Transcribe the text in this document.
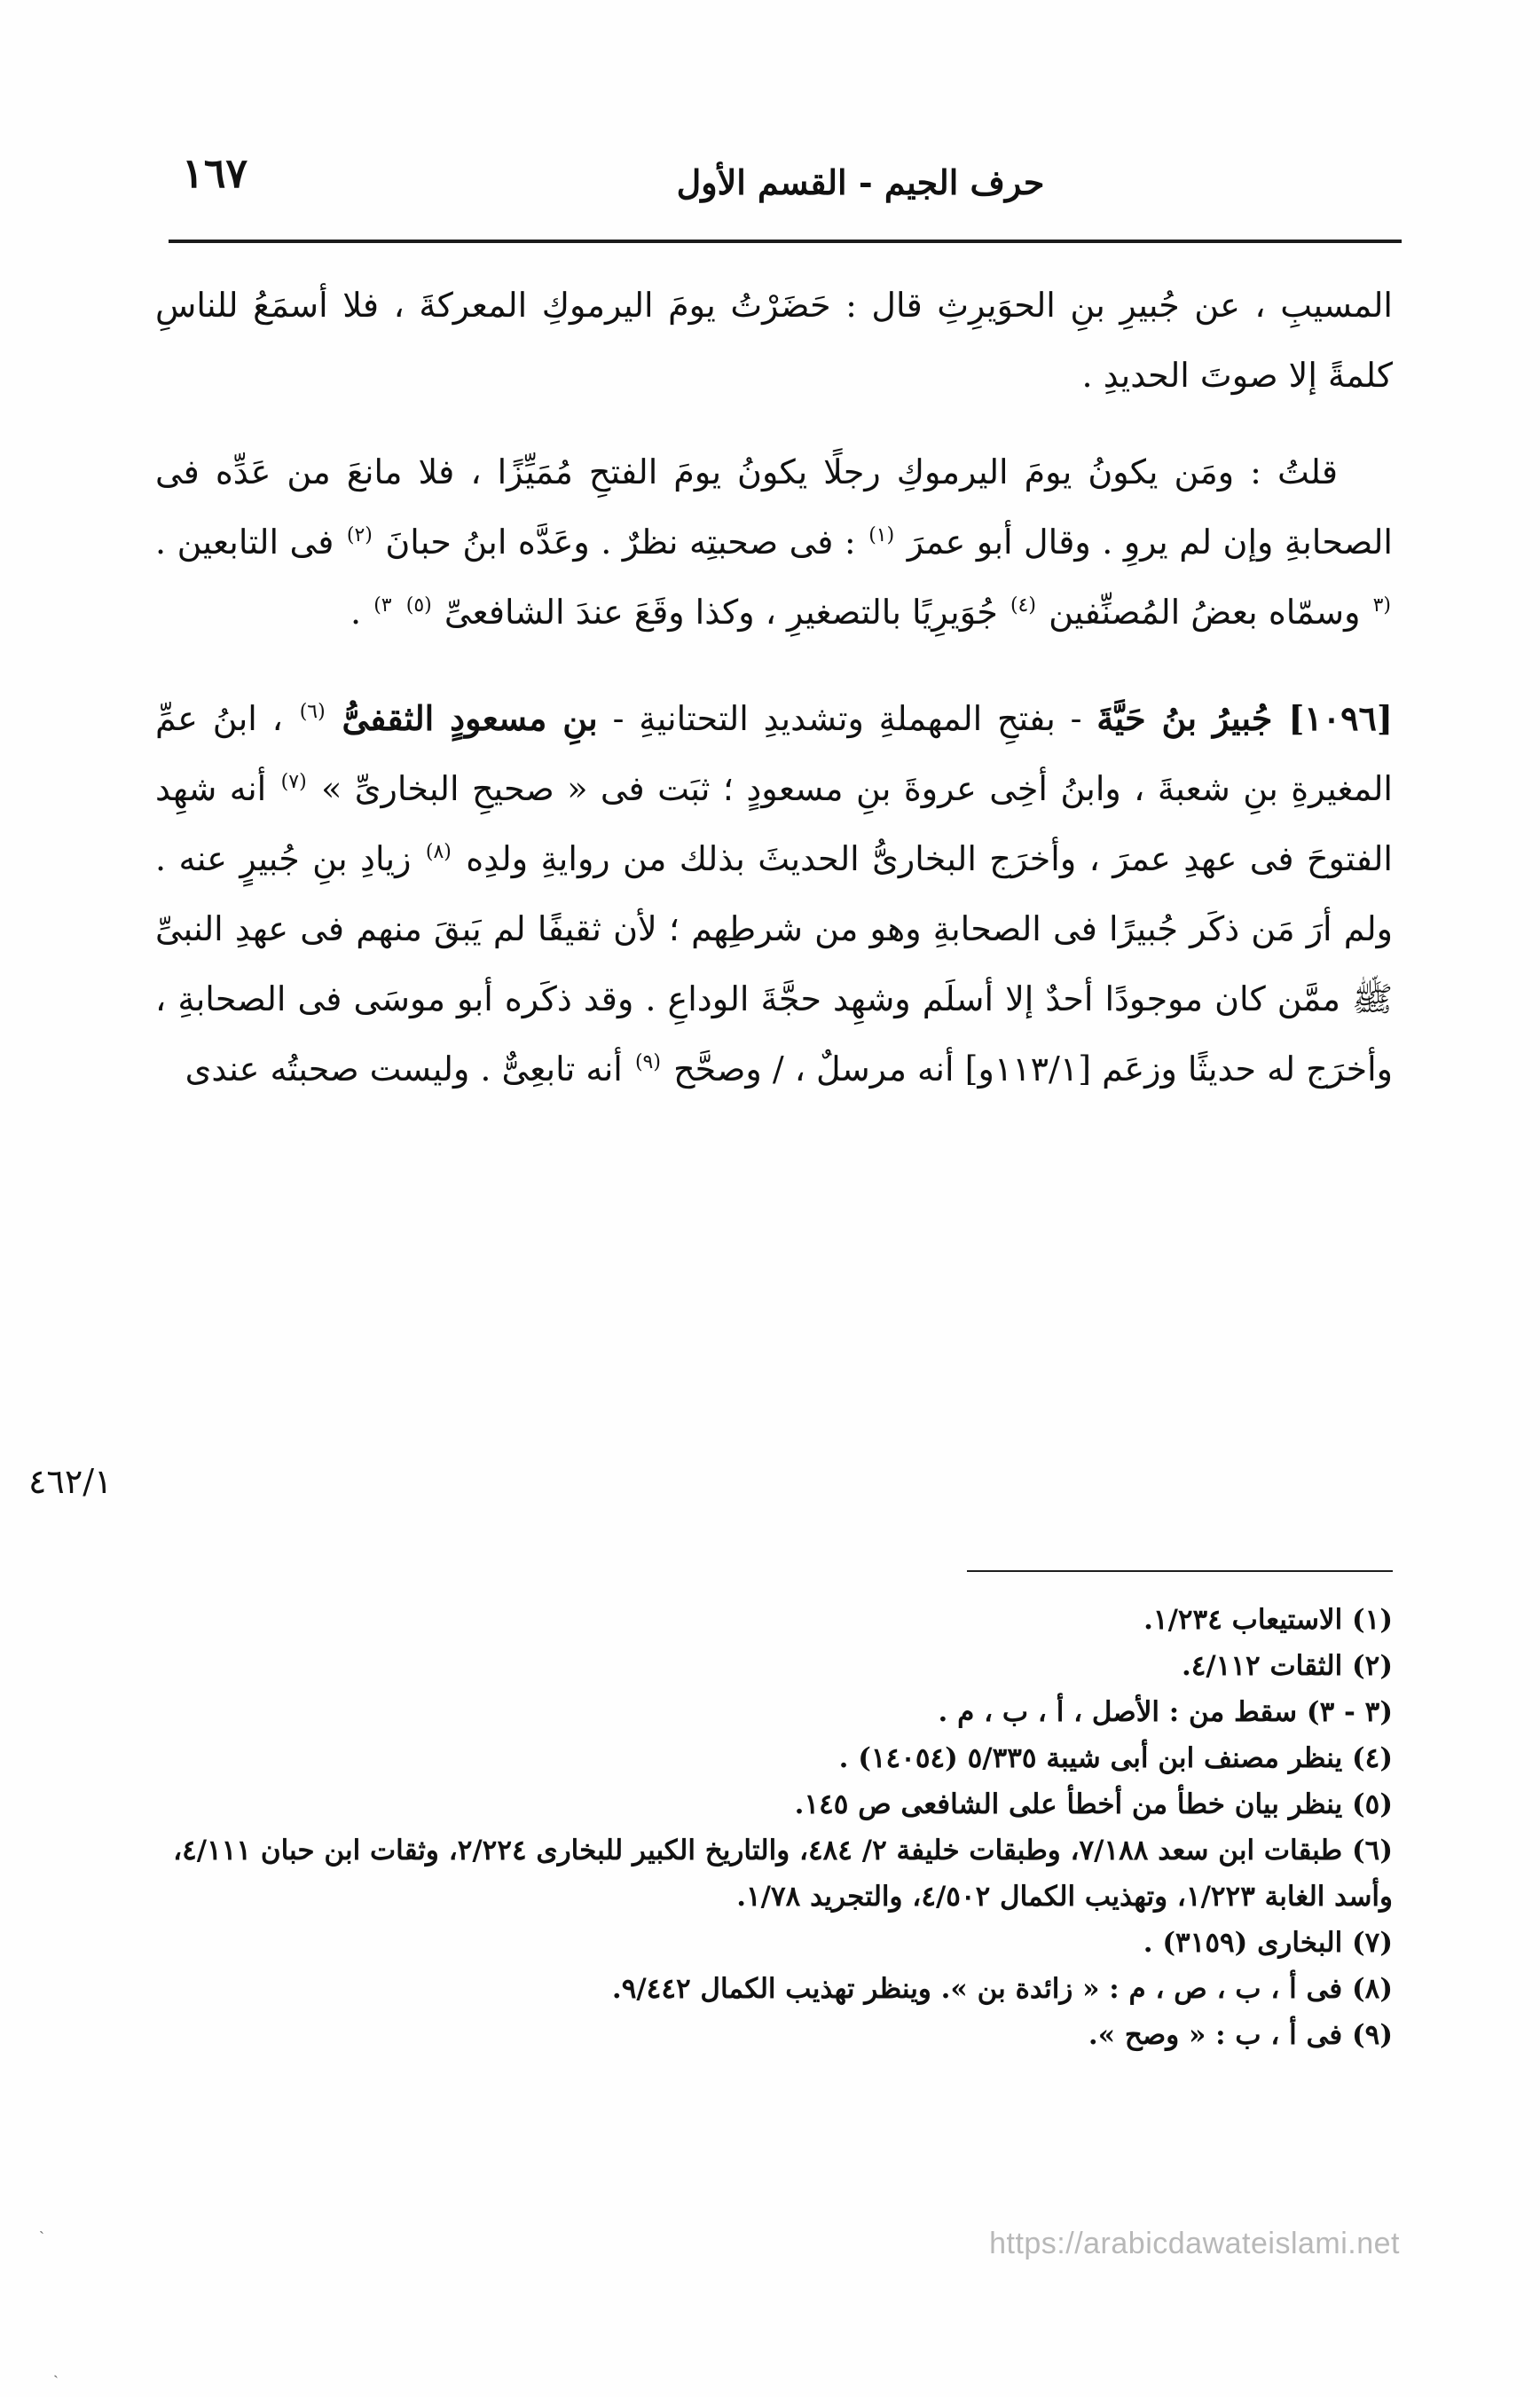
١٦٧	حرف الجيم - القسم الأول

المسيبِ ، عن جُبيرِ بنِ الحوَيرِثِ قال : حَضَرْتُ يومَ اليرموكِ المعركةَ ، فلا أسمَعُ للناسِ كلمةً إلا صوتَ الحديدِ .

قلتُ : ومَن يكونُ يومَ اليرموكِ رجلًا يكونُ يومَ الفتحِ مُمَيِّزًا ، فلا مانعَ من عَدِّه فى الصحابةِ وإن لم يروِ . وقال أبو عمرَ $^{(١)}$ : فى صحبتِه نظرٌ . وعَدَّه ابنُ حبانَ $^{(٢)}$ فى التابعين . $^{(٣}$ وسمّاه بعضُ المُصنِّفين $^{(٤)}$ جُوَيرِيًا بالتصغيرِ ، وكذا وقَعَ عندَ الشافعىِّ $^{(٥)}$ $^{٣)}$ .

[١٠٩٦] جُبيرُ بنُ حَيَّةَ - بفتحِ المهملةِ وتشديدِ التحتانيةِ - بنِ مسعودٍ الثقفىُّ $^{(٦)}$ ، ابنُ عمِّ المغيرةِ بنِ شعبةَ ، وابنُ أخِى عروةَ بنِ مسعودٍ ؛ ثبَت فى « صحيحِ البخارىِّ » $^{(٧)}$ أنه شهِد الفتوحَ فى عهدِ عمرَ ، وأخرَج البخارىُّ الحديثَ بذلك من روايةِ ولدِه $^{(٨)}$ زيادِ بنِ جُبيرٍ عنه . ولم أرَ مَن ذكَر جُبيرًا فى الصحابةِ وهو من شرطِهم ؛ لأن ثقيفًا لم يَبقَ منهم فى عهدِ النبىِّ ﷺ ممَّن كان موجودًا أحدٌ إلا أسلَم وشهِد حجَّةَ الوداعِ . وقد ذكَره أبو موسَى فى الصحابةِ ، وأخرَج له حديثًا وزعَم [١١٣/١و] أنه مرسلٌ ، / وصحَّح $^{(٩)}$ أنه تابعِىٌّ . وليست صحبتُه عندى

٤٦٢/١

(١) الاستيعاب ١/٢٣٤.

(٢) الثقات ٤/١١٢.

(٣ - ٣) سقط من : الأصل ، أ ، ب ، م .

(٤) ينظر مصنف ابن أبى شيبة ٥/٣٣٥ (١٤٠٥٤) .

(٥) ينظر بيان خطأ من أخطأ على الشافعى ص ١٤٥.

(٦) طبقات ابن سعد ٧/١٨٨، وطبقات خليفة ٢/ ٤٨٤، والتاريخ الكبير للبخارى ٢/٢٢٤، وثقات ابن حبان ٤/١١١، وأسد الغابة ١/٢٢٣، وتهذيب الكمال ٤/٥٠٢، والتجريد ١/٧٨.

(٧) البخارى (٣١٥٩) .

(٨) فى أ ، ب ، ص ، م : « زائدة بن ». وينظر تهذيب الكمال ٩/٤٤٢.

(٩) فى أ ، ب : « وصح ».

https://arabicdawateislami.net
ˎ
˴
